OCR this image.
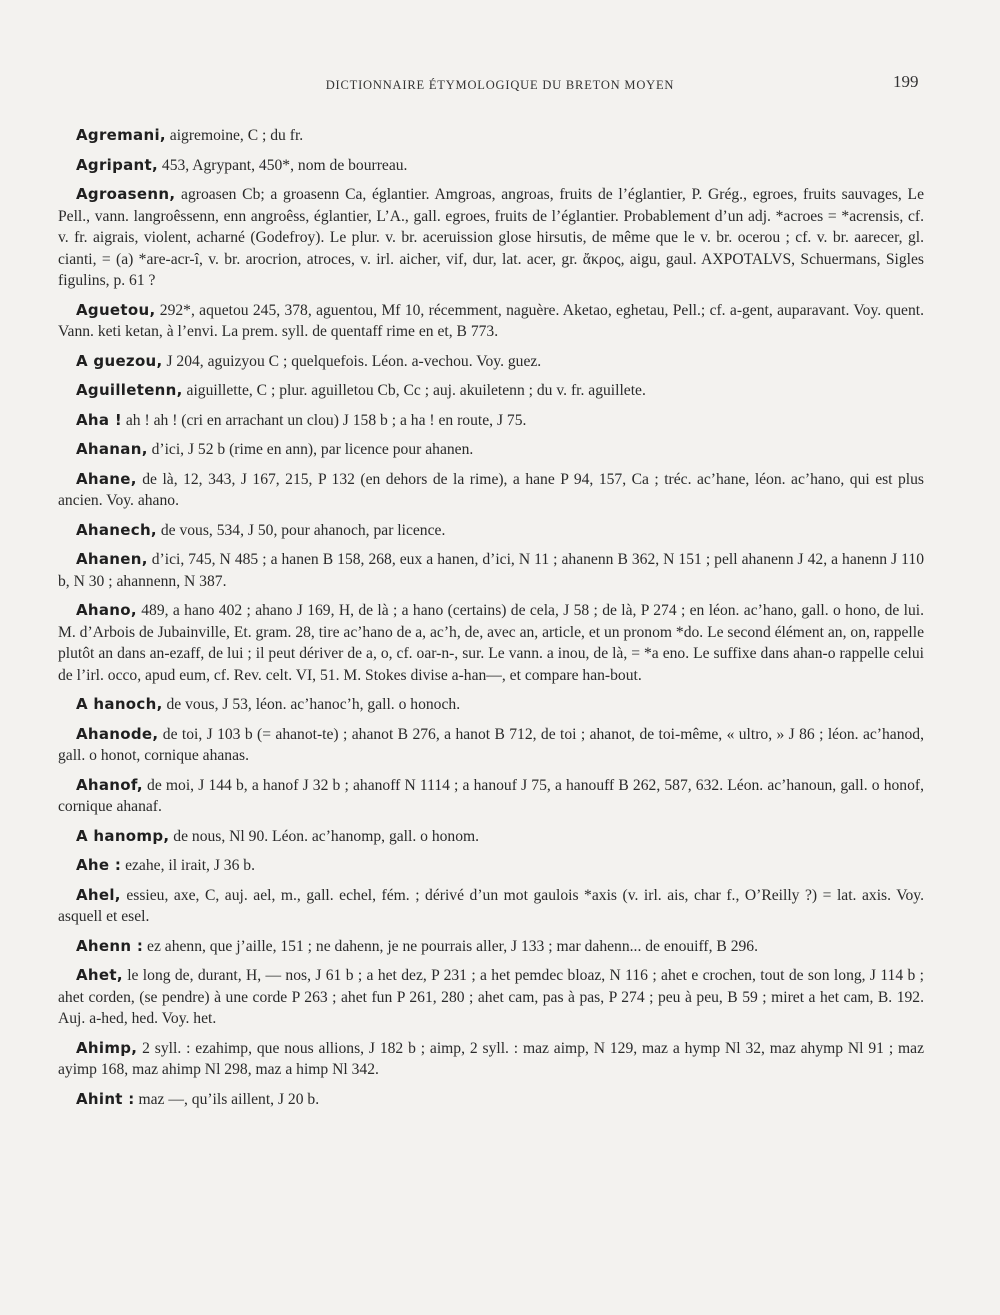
DICTIONNAIRE ÉTYMOLOGIQUE DU BRETON MOYEN	199

Agremani, aigremoine, C ; du fr.

Agripant, 453, Agrypant, 450*, nom de bourreau.

Agroasenn, agroasen Cb; a groasenn Ca, églantier. Amgroas, angroas, fruits de l’églantier, P. Grég., egroes, fruits sauvages, Le Pell., vann. langroêssenn, enn angroêss, églantier, L’A., gall. egroes, fruits de l’églantier. Probablement d’un adj. *acroes = *acrensis, cf. v. fr. aigrais, violent, acharné (Godefroy). Le plur. v. br. aceruission glose hirsutis, de même que le v. br. ocerou ; cf. v. br. aarecer, gl. cianti, = (a) *are-acr-î, v. br. arocrion, atroces, v. irl. aicher, vif, dur, lat. acer, gr. ἄκρος, aigu, gaul. AXPOTALVS, Schuermans, Sigles figulins, p. 61 ?

Aguetou, 292*, aquetou 245, 378, aguentou, Mf 10, récemment, naguère. Aketao, eghetau, Pell.; cf. a-gent, auparavant. Voy. quent. Vann. keti ketan, à l’envi. La prem. syll. de quentaff rime en et, B 773.

A guezou, J 204, aguizyou C ; quelquefois. Léon. a-vechou. Voy. guez.

Aguilletenn, aiguillette, C ; plur. aguilletou Cb, Cc ; auj. akuiletenn ; du v. fr. aguillete.

Aha ! ah ! ah ! (cri en arrachant un clou) J 158 b ; a ha ! en route, J 75.

Ahanan, d’ici, J 52 b (rime en ann), par licence pour ahanen.

Ahane, de là, 12, 343, J 167, 215, P 132 (en dehors de la rime), a hane P 94, 157, Ca ; tréc. ac’hane, léon. ac’hano, qui est plus ancien. Voy. ahano.

Ahanech, de vous, 534, J 50, pour ahanoch, par licence.

Ahanen, d’ici, 745, N 485 ; a hanen B 158, 268, eux a hanen, d’ici, N 11 ; ahanenn B 362, N 151 ; pell ahanenn J 42, a hanenn J 110 b, N 30 ; ahannenn, N 387.

Ahano, 489, a hano 402 ; ahano J 169, H, de là ; a hano (certains) de cela, J 58 ; de là, P 274 ; en léon. ac’hano, gall. o hono, de lui. M. d’Arbois de Jubainville, Et. gram. 28, tire ac’hano de a, ac’h, de, avec an, article, et un pronom *do. Le second élément an, on, rappelle plutôt an dans an-ezaff, de lui ; il peut dériver de a, o, cf. oar-n-, sur. Le vann. a inou, de là, = *a eno. Le suffixe dans ahan-o rappelle celui de l’irl. occo, apud eum, cf. Rev. celt. VI, 51. M. Stokes divise a-han—, et compare han-bout.

A hanoch, de vous, J 53, léon. ac’hanoc’h, gall. o honoch.

Ahanode, de toi, J 103 b (= ahanot-te) ; ahanot B 276, a hanot B 712, de toi ; ahanot, de toi-même, « ultro, » J 86 ; léon. ac’hanod, gall. o honot, cornique ahanas.

Ahanof, de moi, J 144 b, a hanof J 32 b ; ahanoff N 1114 ; a hanouf J 75, a hanouff B 262, 587, 632. Léon. ac’hanoun, gall. o honof, cornique ahanaf.

A hanomp, de nous, Nl 90. Léon. ac’hanomp, gall. o honom.

Ahe : ezahe, il irait, J 36 b.

Ahel, essieu, axe, C, auj. ael, m., gall. echel, fém. ; dérivé d’un mot gaulois *axis (v. irl. ais, char f., O’Reilly ?) = lat. axis. Voy. asquell et esel.

Ahenn : ez ahenn, que j’aille, 151 ; ne dahenn, je ne pourrais aller, J 133 ; mar dahenn... de enouiff, B 296.

Ahet, le long de, durant, H, — nos, J 61 b ; a het dez, P 231 ; a het pemdec bloaz, N 116 ; ahet e crochen, tout de son long, J 114 b ; ahet corden, (se pendre) à une corde P 263 ; ahet fun P 261, 280 ; ahet cam, pas à pas, P 274 ; peu à peu, B 59 ; miret a het cam, B. 192. Auj. a-hed, hed. Voy. het.

Ahimp, 2 syll. : ezahimp, que nous allions, J 182 b ; aimp, 2 syll. : maz aimp, N 129, maz a hymp Nl 32, maz ahymp Nl 91 ; maz ayimp 168, maz ahimp Nl 298, maz a himp Nl 342.

Ahint : maz —, qu’ils aillent, J 20 b.
